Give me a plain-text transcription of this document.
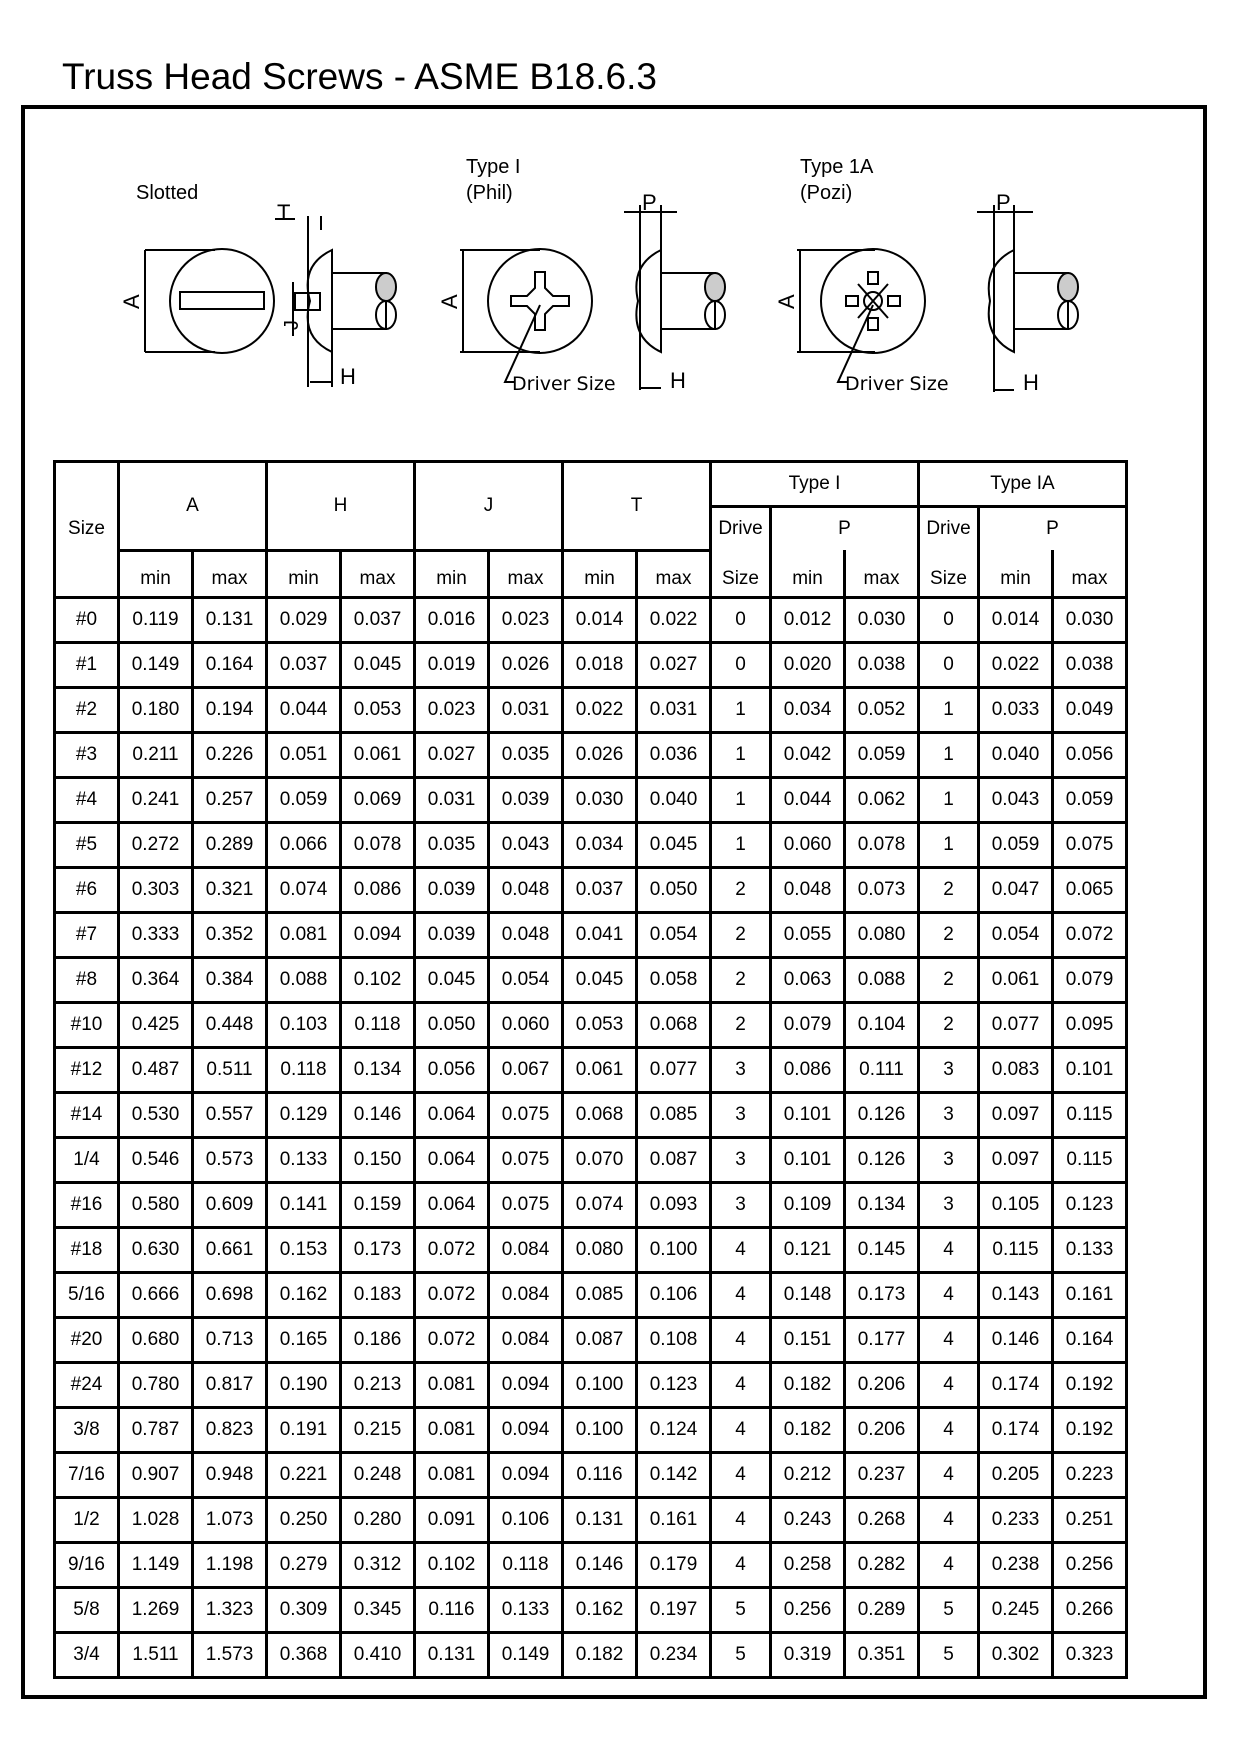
Truss Head Screws - ASME B18.6.3
Slotted
A
T
J
H
Type I
(Phil)
A
Driver Size
P
H
Type 1A
(Pozi)
A
Driver Size
P
H
Size	A		H		J		T		Type I			Type IA		
									Drive	P		Drive	P	
	min	max	min	max	min	max	min	max	Size	min	max	Size	min	max
#0	0.119	0.131	0.029	0.037	0.016	0.023	0.014	0.022	0	0.012	0.030	0	0.014	0.030
#1	0.149	0.164	0.037	0.045	0.019	0.026	0.018	0.027	0	0.020	0.038	0	0.022	0.038
#2	0.180	0.194	0.044	0.053	0.023	0.031	0.022	0.031	1	0.034	0.052	1	0.033	0.049
#3	0.211	0.226	0.051	0.061	0.027	0.035	0.026	0.036	1	0.042	0.059	1	0.040	0.056
#4	0.241	0.257	0.059	0.069	0.031	0.039	0.030	0.040	1	0.044	0.062	1	0.043	0.059
#5	0.272	0.289	0.066	0.078	0.035	0.043	0.034	0.045	1	0.060	0.078	1	0.059	0.075
#6	0.303	0.321	0.074	0.086	0.039	0.048	0.037	0.050	2	0.048	0.073	2	0.047	0.065
#7	0.333	0.352	0.081	0.094	0.039	0.048	0.041	0.054	2	0.055	0.080	2	0.054	0.072
#8	0.364	0.384	0.088	0.102	0.045	0.054	0.045	0.058	2	0.063	0.088	2	0.061	0.079
#10	0.425	0.448	0.103	0.118	0.050	0.060	0.053	0.068	2	0.079	0.104	2	0.077	0.095
#12	0.487	0.511	0.118	0.134	0.056	0.067	0.061	0.077	3	0.086	0.111	3	0.083	0.101
#14	0.530	0.557	0.129	0.146	0.064	0.075	0.068	0.085	3	0.101	0.126	3	0.097	0.115
1/4	0.546	0.573	0.133	0.150	0.064	0.075	0.070	0.087	3	0.101	0.126	3	0.097	0.115
#16	0.580	0.609	0.141	0.159	0.064	0.075	0.074	0.093	3	0.109	0.134	3	0.105	0.123
#18	0.630	0.661	0.153	0.173	0.072	0.084	0.080	0.100	4	0.121	0.145	4	0.115	0.133
5/16	0.666	0.698	0.162	0.183	0.072	0.084	0.085	0.106	4	0.148	0.173	4	0.143	0.161
#20	0.680	0.713	0.165	0.186	0.072	0.084	0.087	0.108	4	0.151	0.177	4	0.146	0.164
#24	0.780	0.817	0.190	0.213	0.081	0.094	0.100	0.123	4	0.182	0.206	4	0.174	0.192
3/8	0.787	0.823	0.191	0.215	0.081	0.094	0.100	0.124	4	0.182	0.206	4	0.174	0.192
7/16	0.907	0.948	0.221	0.248	0.081	0.094	0.116	0.142	4	0.212	0.237	4	0.205	0.223
1/2	1.028	1.073	0.250	0.280	0.091	0.106	0.131	0.161	4	0.243	0.268	4	0.233	0.251
9/16	1.149	1.198	0.279	0.312	0.102	0.118	0.146	0.179	4	0.258	0.282	4	0.238	0.256
5/8	1.269	1.323	0.309	0.345	0.116	0.133	0.162	0.197	5	0.256	0.289	5	0.245	0.266
3/4	1.511	1.573	0.368	0.410	0.131	0.149	0.182	0.234	5	0.319	0.351	5	0.302	0.323
